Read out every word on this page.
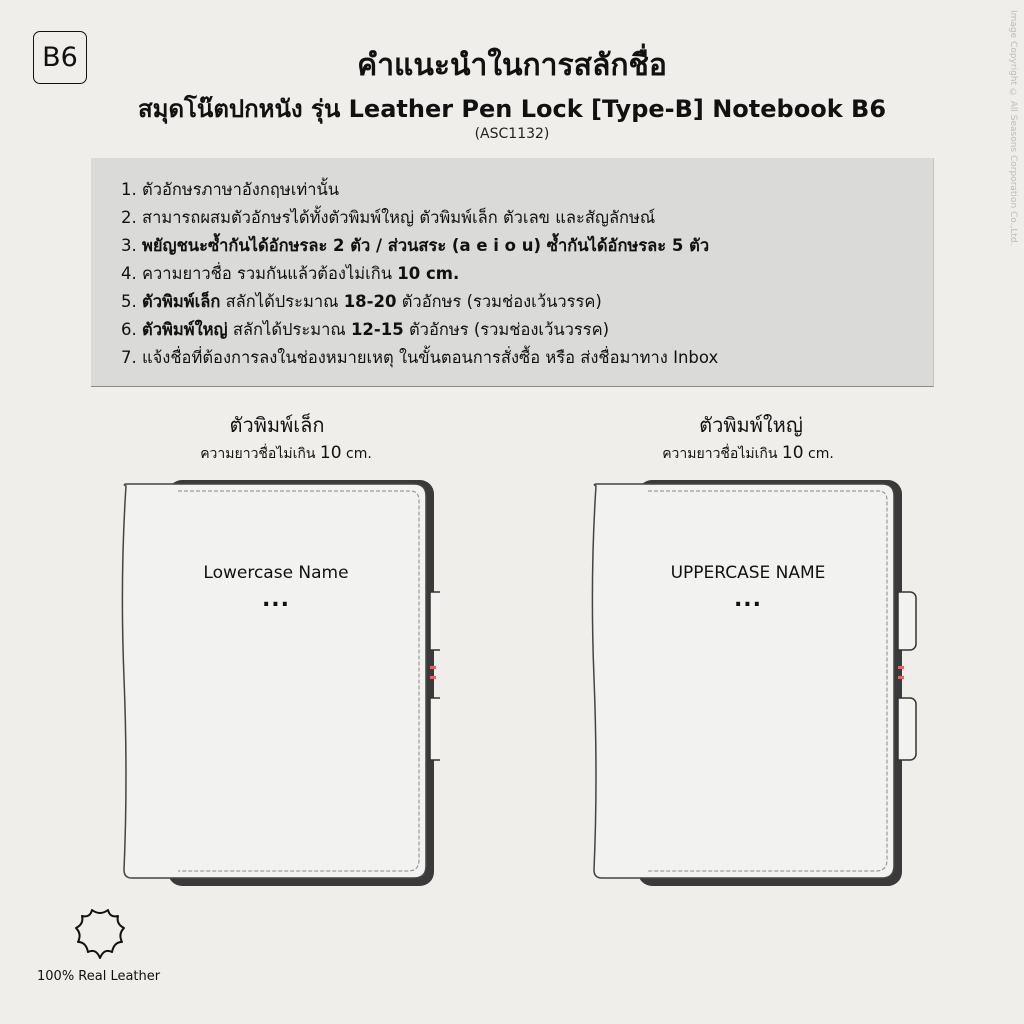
B6	คำแนะนำในการสลักชื่อ
สมุดโน๊ตปกหนัง รุ่น Leather Pen Lock [Type-B] Notebook B6
(ASC1132)	Image Copyright © All Seasons Corporation Co.,Ltd.
1. ตัวอักษรภาษาอังกฤษเท่านั้น
2. สามารถผสมตัวอักษรได้ทั้งตัวพิมพ์ใหญ่ ตัวพิมพ์เล็ก ตัวเลข และสัญลักษณ์
3. พยัญชนะซ้ำกันได้อักษรละ 2 ตัว / ส่วนสระ (a e i o u) ซ้ำกันได้อักษรละ 5 ตัว
4. ความยาวชื่อ รวมกันแล้วต้องไม่เกิน 10 cm.
5. ตัวพิมพ์เล็ก สลักได้ประมาณ 18-20 ตัวอักษร (รวมช่องเว้นวรรค)
6. ตัวพิมพ์ใหญ่ สลักได้ประมาณ 12-15 ตัวอักษร (รวมช่องเว้นวรรค)
7. แจ้งชื่อที่ต้องการลงในช่องหมายเหตุ ในขั้นตอนการสั่งซื้อ หรือ ส่งชื่อมาทาง Inbox
ตัวพิมพ์เล็ก
ความยาวชื่อไม่เกิน 10 cm.
Lowercase Name
...
ตัวพิมพ์ใหญ่
ความยาวชื่อไม่เกิน 10 cm.
UPPERCASE NAME
...
100% Real Leather
